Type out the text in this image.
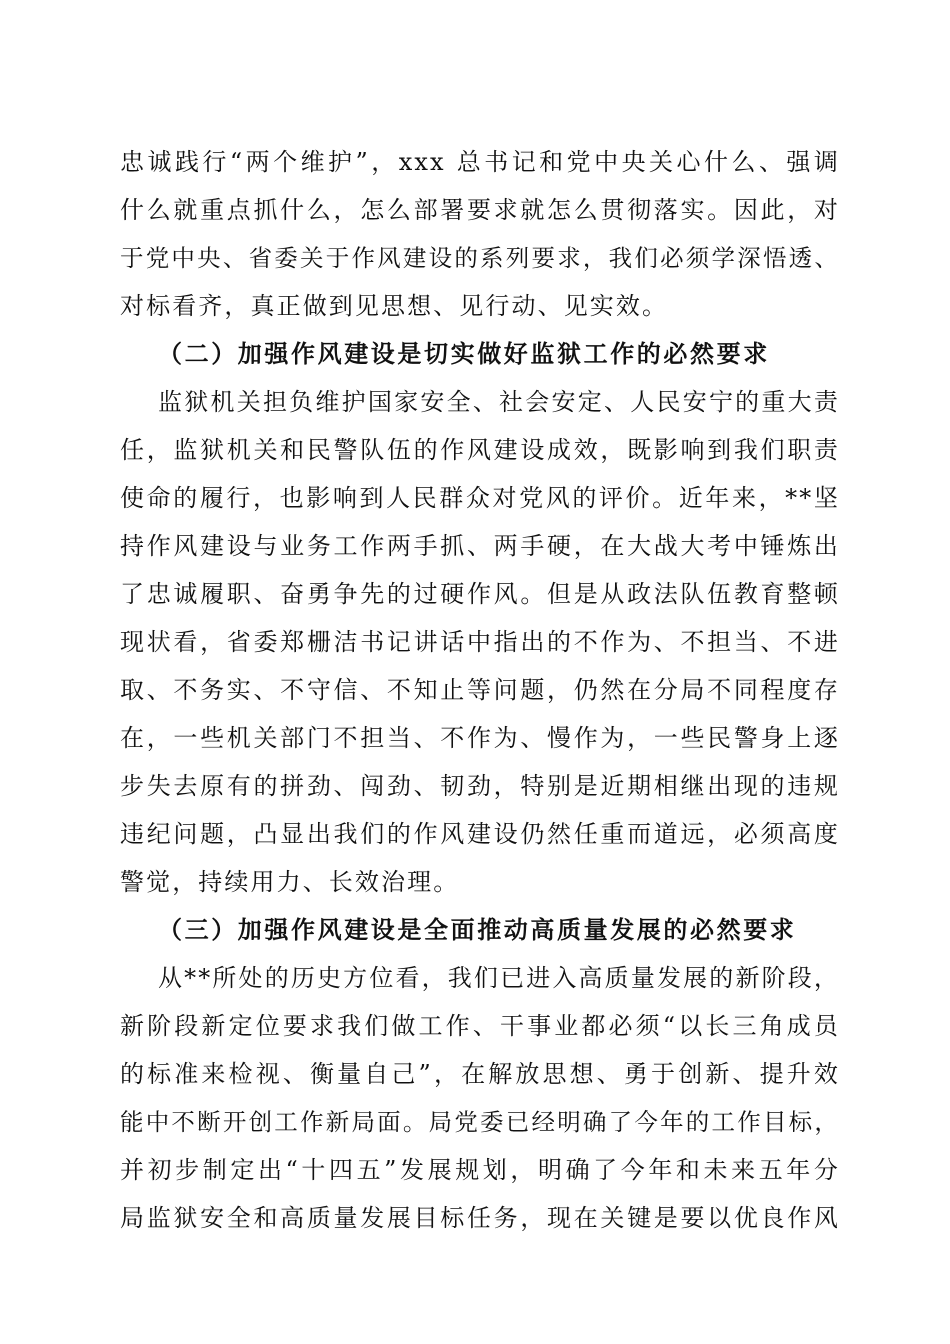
忠诚践行“两个维护”，xxx 总书记和党中央关心什么、强调
什么就重点抓什么，怎么部署要求就怎么贯彻落实。因此，对
于党中央、省委关于作风建设的系列要求，我们必须学深悟透、
对标看齐，真正做到见思想、见行动、见实效。
（二）加强作风建设是切实做好监狱工作的必然要求
监狱机关担负维护国家安全、社会安定、人民安宁的重大责
任，监狱机关和民警队伍的作风建设成效，既影响到我们职责
使命的履行，也影响到人民群众对党风的评价。近年来，**坚
持作风建设与业务工作两手抓、两手硬，在大战大考中锤炼出
了忠诚履职、奋勇争先的过硬作风。但是从政法队伍教育整顿
现状看，省委郑栅洁书记讲话中指出的不作为、不担当、不进
取、不务实、不守信、不知止等问题，仍然在分局不同程度存
在，一些机关部门不担当、不作为、慢作为，一些民警身上逐
步失去原有的拼劲、闯劲、韧劲，特别是近期相继出现的违规
违纪问题，凸显出我们的作风建设仍然任重而道远，必须高度
警觉，持续用力、长效治理。
（三）加强作风建设是全面推动高质量发展的必然要求
从**所处的历史方位看，我们已进入高质量发展的新阶段，
新阶段新定位要求我们做工作、干事业都必须“以长三角成员
的标准来检视、衡量自己”，在解放思想、勇于创新、提升效
能中不断开创工作新局面。局党委已经明确了今年的工作目标，
并初步制定出“十四五”发展规划，明确了今年和未来五年分
局监狱安全和高质量发展目标任务，现在关键是要以优良作风
